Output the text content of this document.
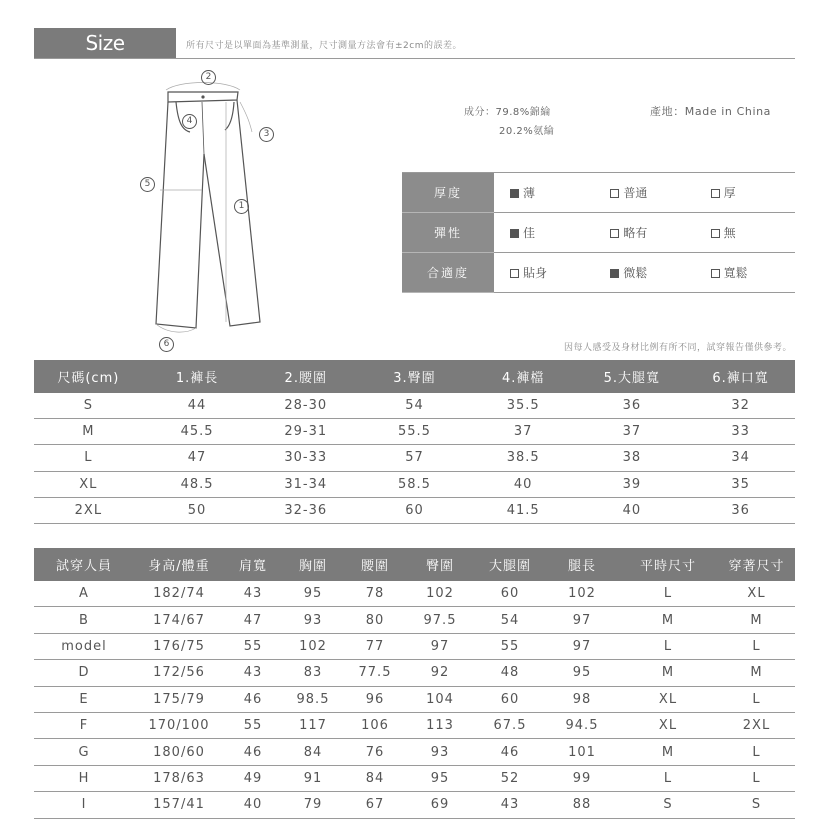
Size Information
所有尺寸是以單面為基準測量，尺寸測量方法會有±2cm的誤差。
2
4
3
5
1
6
成分：79.8%錦綸
20.2%氨綸
產地：Made in China
厚度	薄	普通	厚
彈性	佳	略有	無
合適度	貼身	微鬆	寬鬆
因每人感受及身材比例有所不同，試穿報告僅供參考。
尺碼(cm)	1.褲長	2.腰圍	3.臀圍	4.褲檔	5.大腿寬	6.褲口寬
S	44	28-30	54	35.5	36	32
M	45.5	29-31	55.5	37	37	33
L	47	30-33	57	38.5	38	34
XL	48.5	31-34	58.5	40	39	35
2XL	50	32-36	60	41.5	40	36
試穿人員	身高/體重	肩寬	胸圍	腰圍	臀圍	大腿圍	腿長	平時尺寸	穿著尺寸
A	182/74	43	95	78	102	60	102	L	XL
B	174/67	47	93	80	97.5	54	97	M	M
model	176/75	55	102	77	97	55	97	L	L
D	172/56	43	83	77.5	92	48	95	M	M
E	175/79	46	98.5	96	104	60	98	XL	L
F	170/100	55	117	106	113	67.5	94.5	XL	2XL
G	180/60	46	84	76	93	46	101	M	L
H	178/63	49	91	84	95	52	99	L	L
I	157/41	40	79	67	69	43	88	S	S
